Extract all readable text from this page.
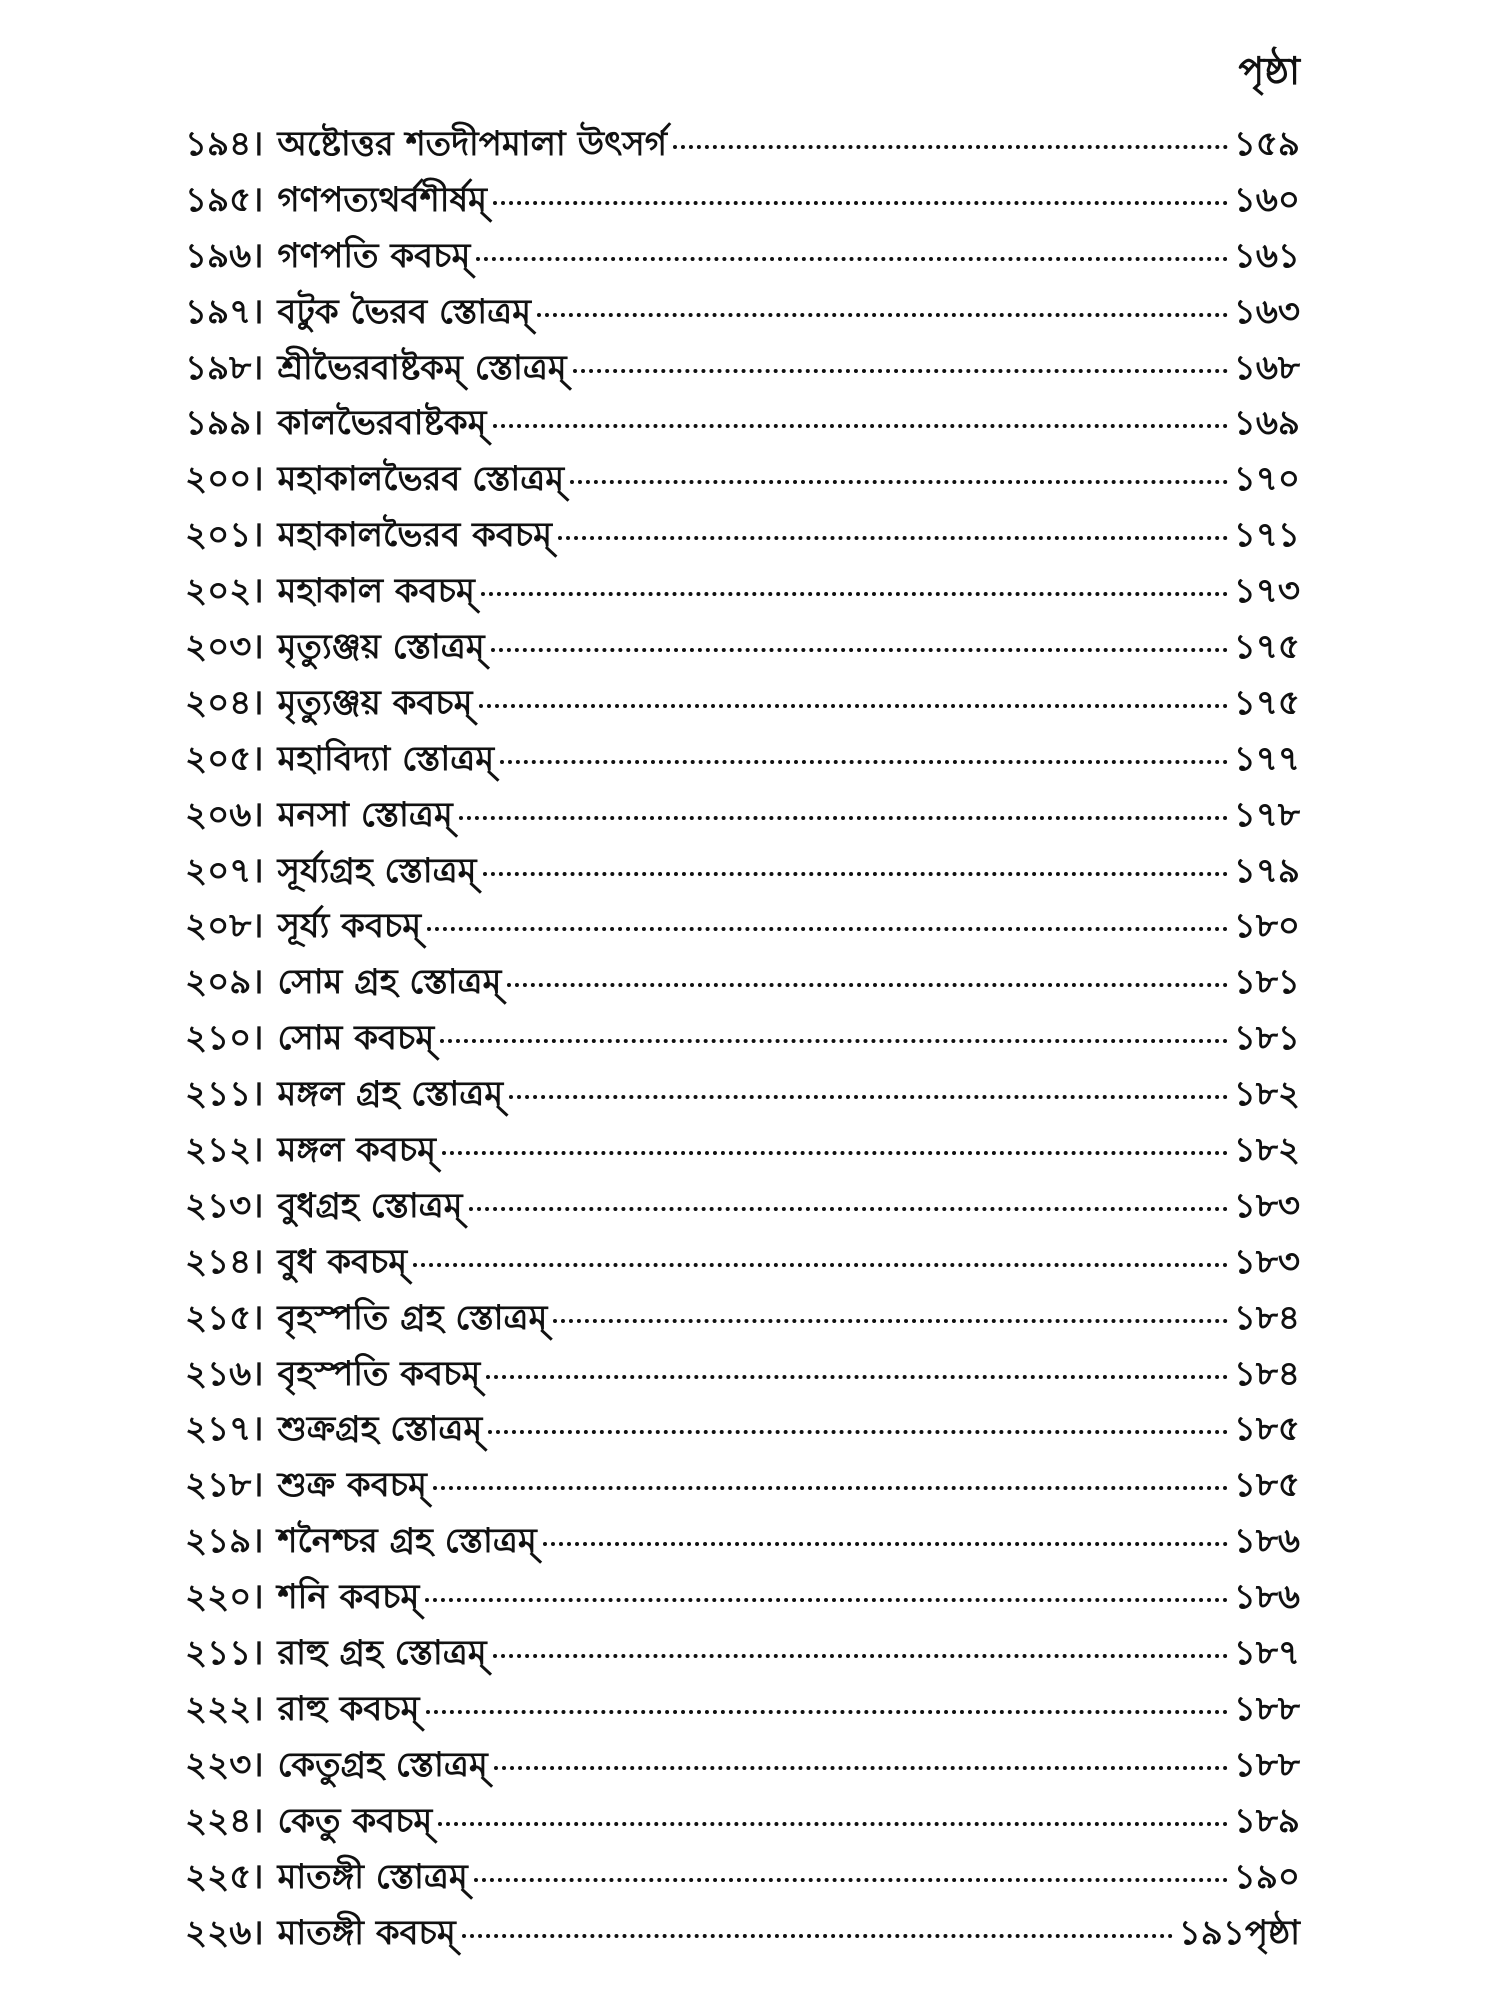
পৃষ্ঠা
১৯৪। অষ্টোত্তর শতদীপমালা উৎসর্গ	১৫৯
১৯৫। গণপত্যথর্বশীর্ষম্	১৬০
১৯৬। গণপতি কবচম্	১৬১
১৯৭। বটুক ভৈরব স্তোত্রম্	১৬৩
১৯৮। শ্রীভৈরবাষ্টকম্ স্তোত্রম্	১৬৮
১৯৯। কালভৈরবাষ্টকম্	১৬৯
২০০। মহাকালভৈরব স্তোত্রম্	১৭০
২০১। মহাকালভৈরব কবচম্	১৭১
২০২। মহাকাল কবচম্	১৭৩
২০৩। মৃত্যুঞ্জয় স্তোত্রম্	১৭৫
২০৪। মৃত্যুঞ্জয় কবচম্	১৭৫
২০৫। মহাবিদ্যা স্তোত্রম্	১৭৭
২০৬। মনসা স্তোত্রম্	১৭৮
২০৭। সূর্য্যগ্রহ স্তোত্রম্	১৭৯
২০৮। সূর্য্য কবচম্	১৮০
২০৯। সোম গ্রহ স্তোত্রম্	১৮১
২১০। সোম কবচম্	১৮১
২১১। মঙ্গল গ্রহ স্তোত্রম্	১৮২
২১২। মঙ্গল কবচম্	১৮২
২১৩। বুধগ্রহ স্তোত্রম্	১৮৩
২১৪। বুধ কবচম্	১৮৩
২১৫। বৃহস্পতি গ্রহ স্তোত্রম্	১৮৪
২১৬। বৃহস্পতি কবচম্	১৮৪
২১৭। শুক্রগ্রহ স্তোত্রম্	১৮৫
২১৮। শুক্র কবচম্	১৮৫
২১৯। শনৈশ্চর গ্রহ স্তোত্রম্	১৮৬
২২০। শনি কবচম্	১৮৬
২১১। রাহু গ্রহ স্তোত্রম্	১৮৭
২২২। রাহু কবচম্	১৮৮
২২৩। কেতুগ্রহ স্তোত্রম্	১৮৮
২২৪। কেতু কবচম্	১৮৯
২২৫। মাতঙ্গী স্তোত্রম্	১৯০
২২৬। মাতঙ্গী কবচম্	১৯১পৃষ্ঠা
